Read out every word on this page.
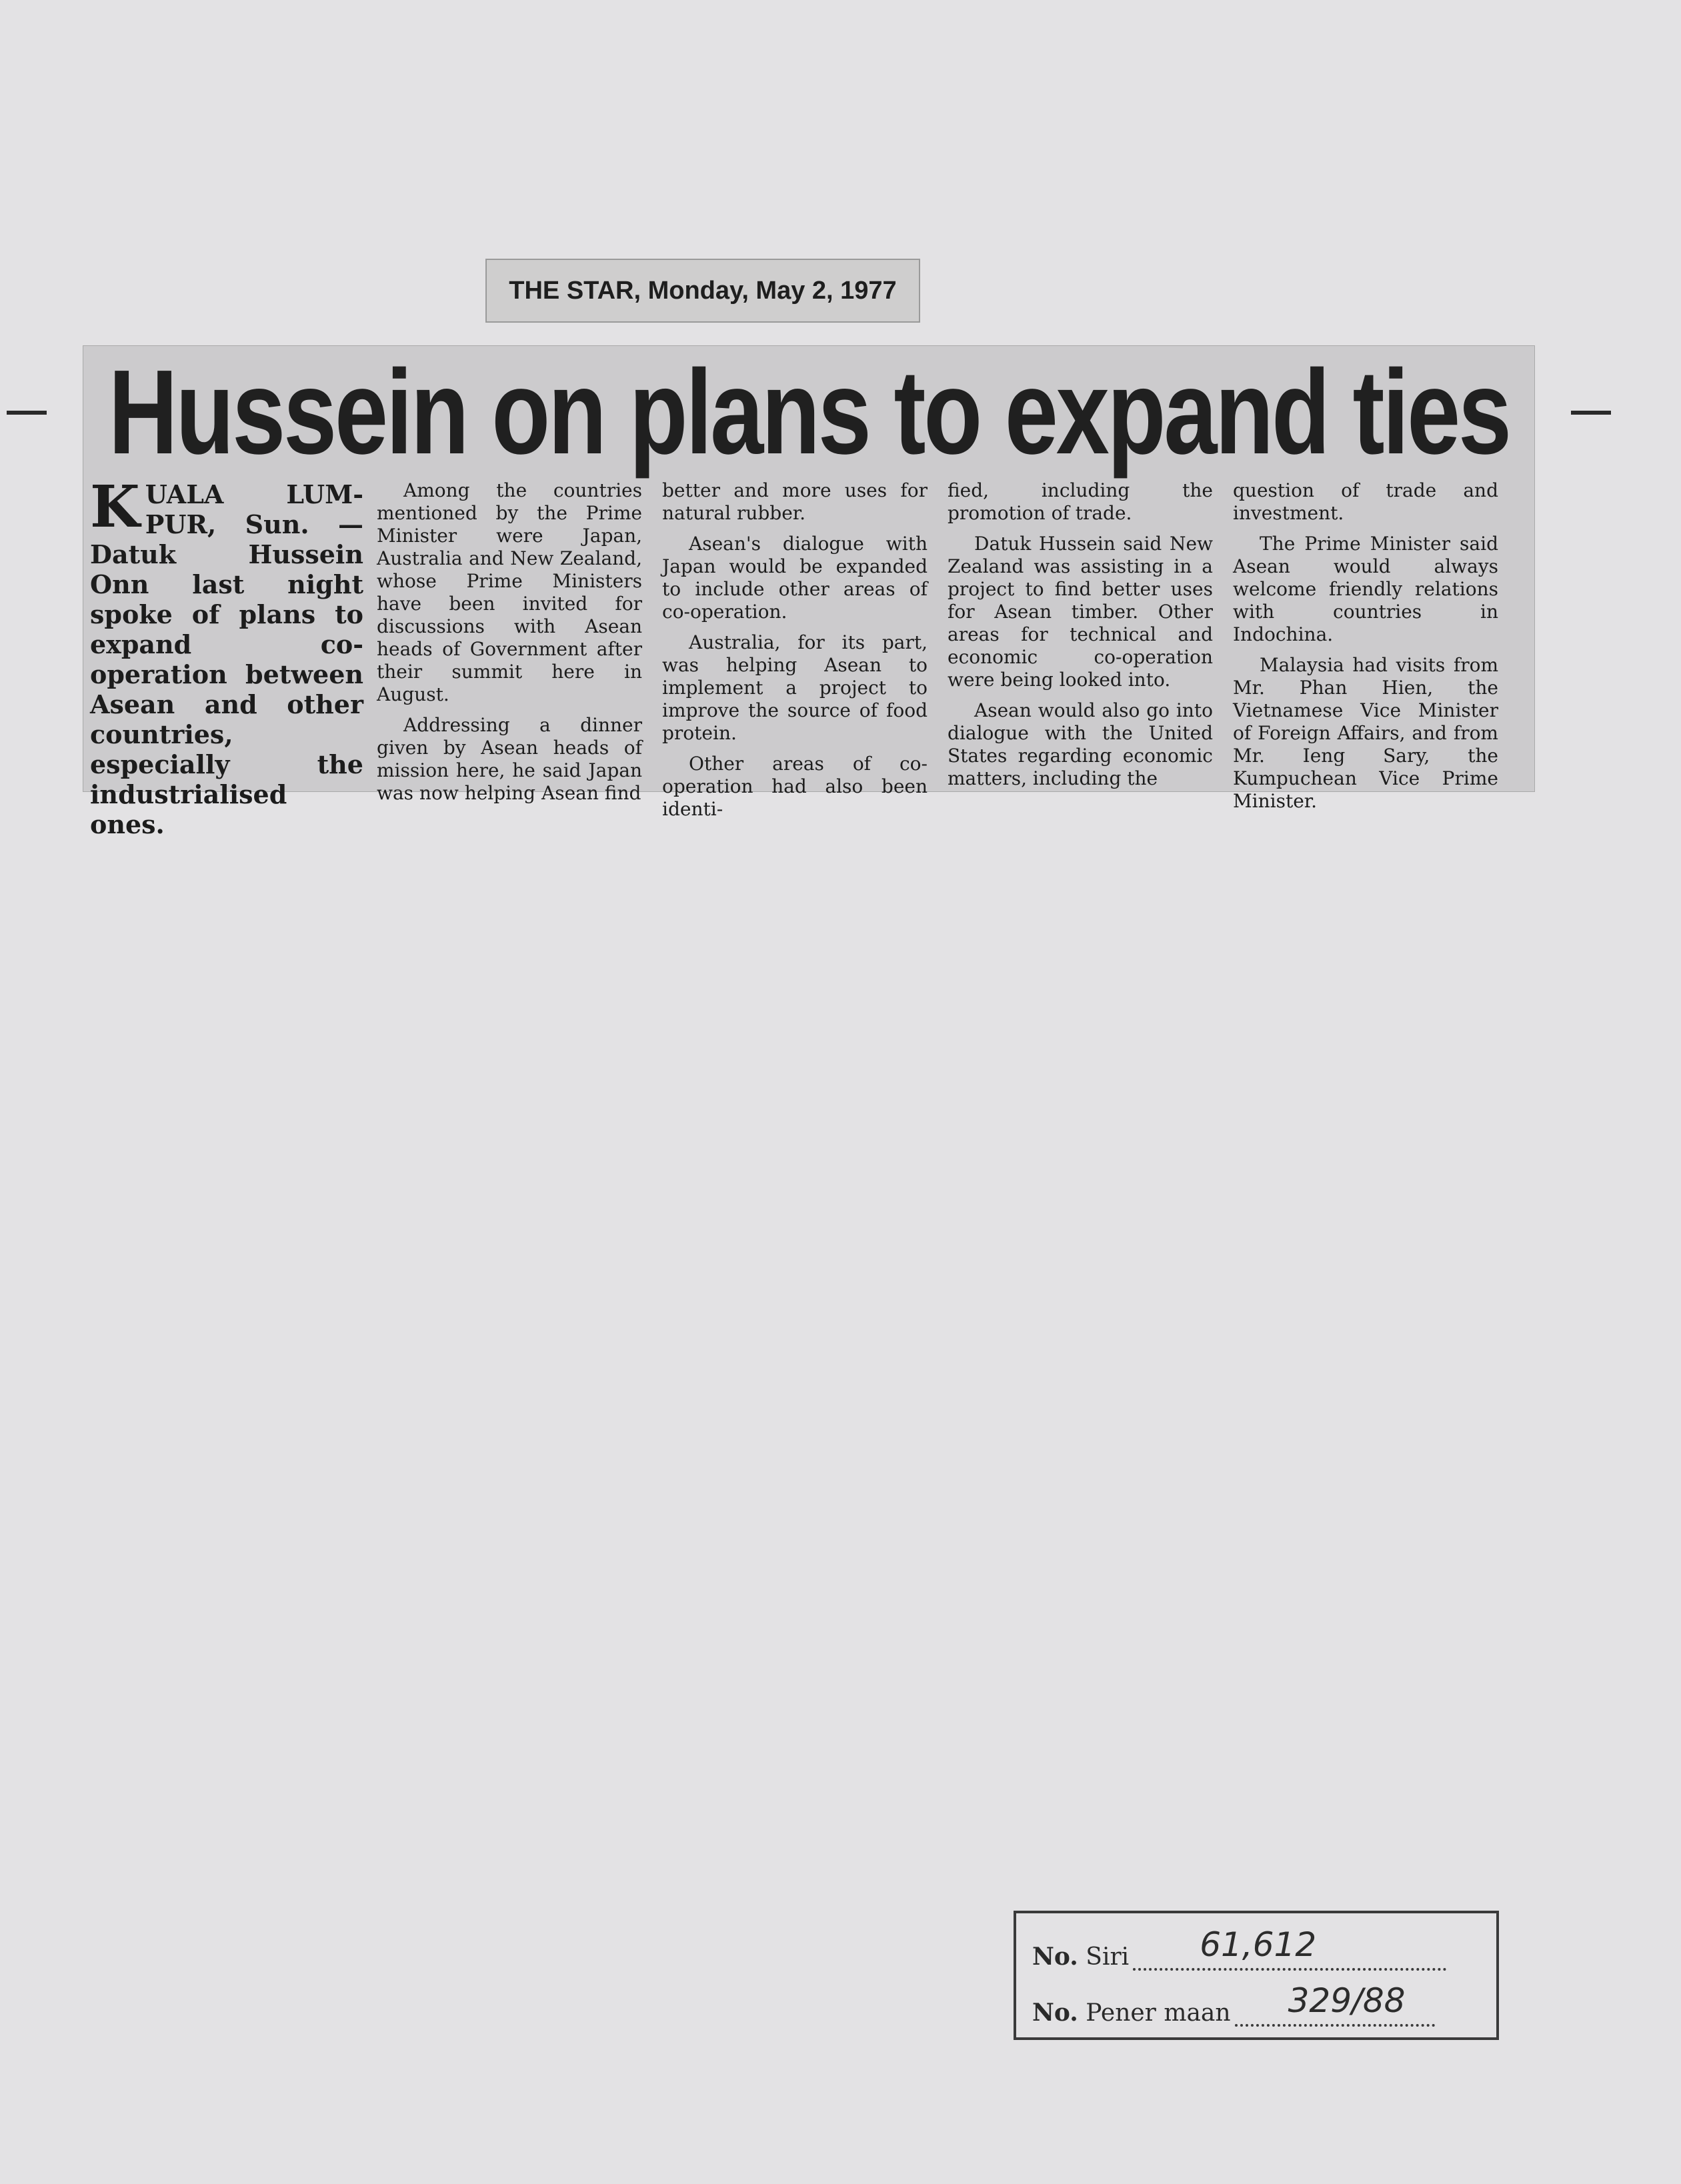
THE STAR, Monday, May 2, 1977
Hussein on plans to expand ties
KUALA LUM-PUR, Sun. — Datuk Hussein Onn last night spoke of plans to expand co-operation between Asean and other countries, especially the industrialised ones.

Among the countries mentioned by the Prime Minister were Japan, Australia and New Zealand, whose Prime Ministers have been invited for discussions with Asean heads of Government after their summit here in August.

Addressing a dinner given by Asean heads of mission here, he said Japan was now helping Asean find

better and more uses for natural rubber.

Asean's dialogue with Japan would be expanded to include other areas of co-operation.

Australia, for its part, was helping Asean to implement a project to improve the source of food protein.

Other areas of co-operation had also been identi-

fied, including the promotion of trade.

Datuk Hussein said New Zealand was assisting in a project to find better uses for Asean timber. Other areas for technical and economic co-operation were being looked into.

Asean would also go into dialogue with the United States regarding economic matters, including the

question of trade and investment.

The Prime Minister said Asean would always welcome friendly relations with countries in Indochina.

Malaysia had visits from Mr. Phan Hien, the Vietnamese Vice Minister of Foreign Affairs, and from Mr. Ieng Sary, the Kumpuchean Vice Prime Minister.

No. Siri 61,612
No. Pener maan 329/88
